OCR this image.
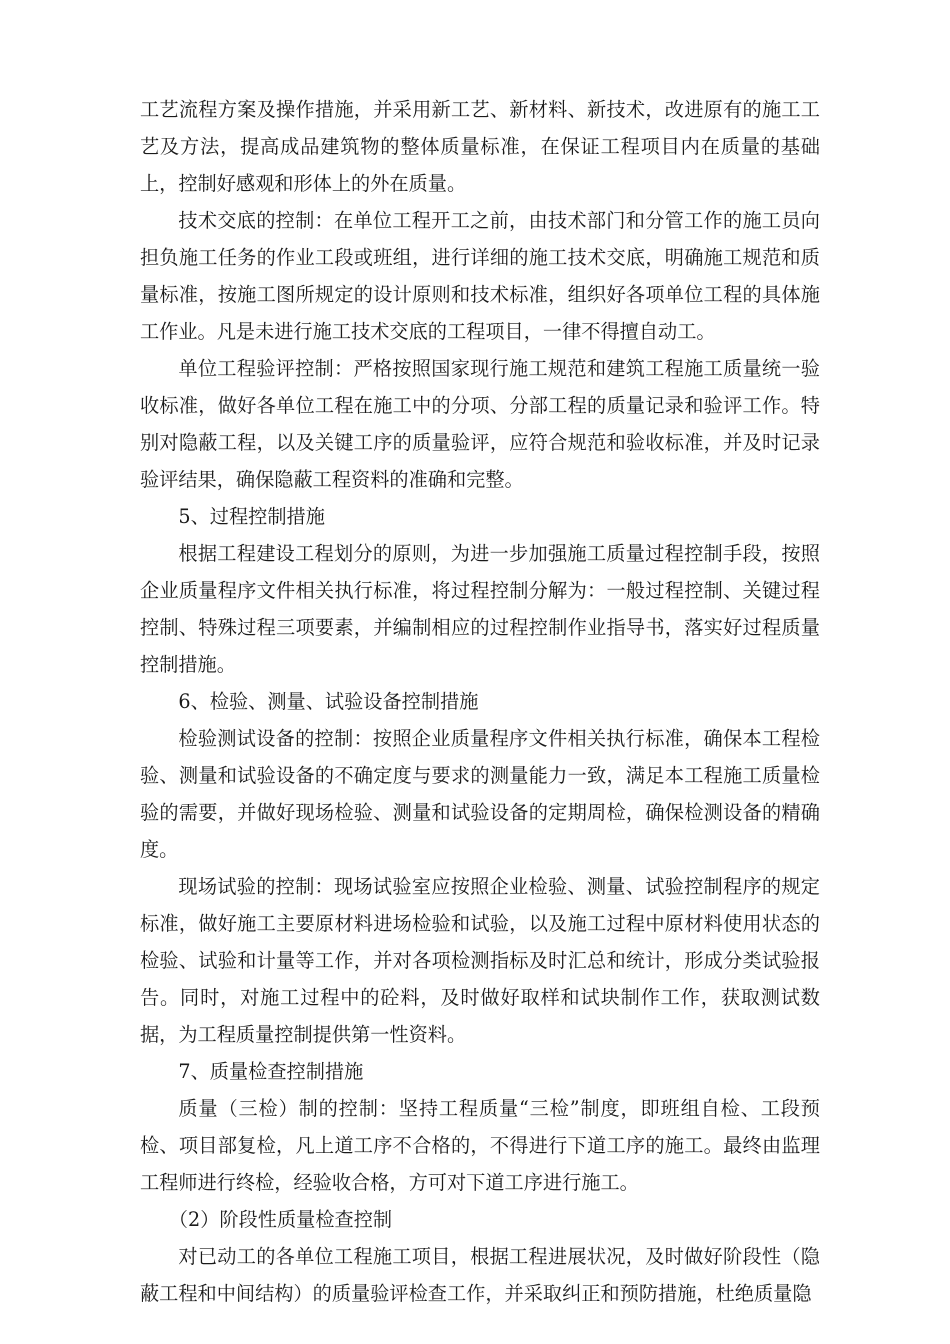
工艺流程方案及操作措施，并采用新工艺、新材料、新技术，改进原有的施工工艺及方法，提高成品建筑物的整体质量标准，在保证工程项目内在质量的基础上，控制好感观和形体上的外在质量。

技术交底的控制：在单位工程开工之前，由技术部门和分管工作的施工员向担负施工任务的作业工段或班组，进行详细的施工技术交底，明确施工规范和质量标准，按施工图所规定的设计原则和技术标准，组织好各项单位工程的具体施工作业。凡是未进行施工技术交底的工程项目，一律不得擅自动工。

单位工程验评控制：严格按照国家现行施工规范和建筑工程施工质量统一验收标准，做好各单位工程在施工中的分项、分部工程的质量记录和验评工作。特别对隐蔽工程，以及关键工序的质量验评，应符合规范和验收标准，并及时记录验评结果，确保隐蔽工程资料的准确和完整。

5、过程控制措施

根据工程建设工程划分的原则，为进一步加强施工质量过程控制手段，按照企业质量程序文件相关执行标准，将过程控制分解为：一般过程控制、关键过程控制、特殊过程三项要素，并编制相应的过程控制作业指导书，落实好过程质量控制措施。

6、检验、测量、试验设备控制措施

检验测试设备的控制：按照企业质量程序文件相关执行标准，确保本工程检验、测量和试验设备的不确定度与要求的测量能力一致，满足本工程施工质量检验的需要，并做好现场检验、测量和试验设备的定期周检，确保检测设备的精确度。

现场试验的控制：现场试验室应按照企业检验、测量、试验控制程序的规定标准，做好施工主要原材料进场检验和试验，以及施工过程中原材料使用状态的检验、试验和计量等工作，并对各项检测指标及时汇总和统计，形成分类试验报告。同时，对施工过程中的砼料，及时做好取样和试块制作工作，获取测试数据，为工程质量控制提供第一性资料。

7、质量检查控制措施

质量（三检）制的控制：坚持工程质量“三检”制度，即班组自检、工段预检、项目部复检，凡上道工序不合格的，不得进行下道工序的施工。最终由监理工程师进行终检，经验收合格，方可对下道工序进行施工。

（2）阶段性质量检查控制

对已动工的各单位工程施工项目，根据工程进展状况，及时做好阶段性（隐蔽工程和中间结构）的质量验评检查工作，并采取纠正和预防措施，杜绝质量隐
